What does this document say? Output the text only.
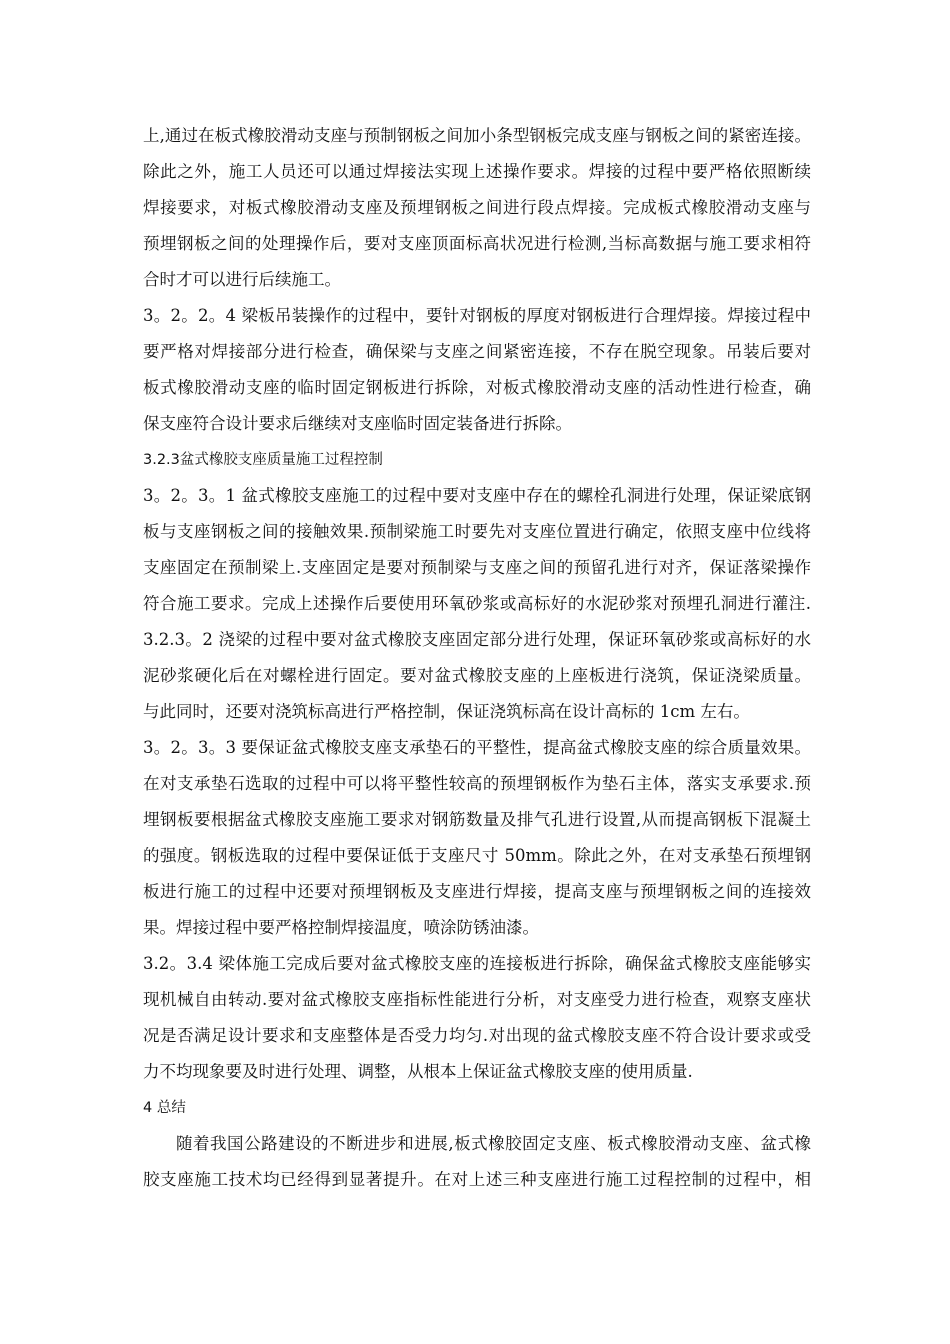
上,通过在板式橡胶滑动支座与预制钢板之间加小条型钢板完成支座与钢板之间的紧密连接。
除此之外，施工人员还可以通过焊接法实现上述操作要求。焊接的过程中要严格依照断续
焊接要求，对板式橡胶滑动支座及预埋钢板之间进行段点焊接。完成板式橡胶滑动支座与
预埋钢板之间的处理操作后，要对支座顶面标高状况进行检测,当标高数据与施工要求相符
合时才可以进行后续施工。
3。2。2。4 梁板吊装操作的过程中，要针对钢板的厚度对钢板进行合理焊接。焊接过程中
要严格对焊接部分进行检查，确保梁与支座之间紧密连接，不存在脱空现象。吊装后要对
板式橡胶滑动支座的临时固定钢板进行拆除，对板式橡胶滑动支座的活动性进行检查，确
保支座符合设计要求后继续对支座临时固定装备进行拆除。
3.2.3盆式橡胶支座质量施工过程控制
3。2。3。1 盆式橡胶支座施工的过程中要对支座中存在的螺栓孔洞进行处理，保证梁底钢
板与支座钢板之间的接触效果.预制梁施工时要先对支座位置进行确定，依照支座中位线将
支座固定在预制梁上.支座固定是要对预制梁与支座之间的预留孔进行对齐，保证落梁操作
符合施工要求。完成上述操作后要使用环氧砂浆或高标好的水泥砂浆对预埋孔洞进行灌注.
3.2.3。2 浇梁的过程中要对盆式橡胶支座固定部分进行处理，保证环氧砂浆或高标好的水
泥砂浆硬化后在对螺栓进行固定。要对盆式橡胶支座的上座板进行浇筑，保证浇梁质量。
与此同时，还要对浇筑标高进行严格控制，保证浇筑标高在设计高标的 1cm 左右。
3。2。3。3 要保证盆式橡胶支座支承垫石的平整性，提高盆式橡胶支座的综合质量效果。
在对支承垫石选取的过程中可以将平整性较高的预埋钢板作为垫石主体，落实支承要求.预
埋钢板要根据盆式橡胶支座施工要求对钢筋数量及排气孔进行设置,从而提高钢板下混凝土
的强度。钢板选取的过程中要保证低于支座尺寸 50mm。除此之外，在对支承垫石预埋钢
板进行施工的过程中还要对预埋钢板及支座进行焊接，提高支座与预埋钢板之间的连接效
果。焊接过程中要严格控制焊接温度，喷涂防锈油漆。
3.2。3.4 梁体施工完成后要对盆式橡胶支座的连接板进行拆除，确保盆式橡胶支座能够实
现机械自由转动.要对盆式橡胶支座指标性能进行分析，对支座受力进行检查，观察支座状
况是否满足设计要求和支座整体是否受力均匀.对出现的盆式橡胶支座不符合设计要求或受
力不均现象要及时进行处理、调整，从根本上保证盆式橡胶支座的使用质量.
4 总结
随着我国公路建设的不断进步和进展,板式橡胶固定支座、板式橡胶滑动支座、盆式橡
胶支座施工技术均已经得到显著提升。在对上述三种支座进行施工过程控制的过程中，相
